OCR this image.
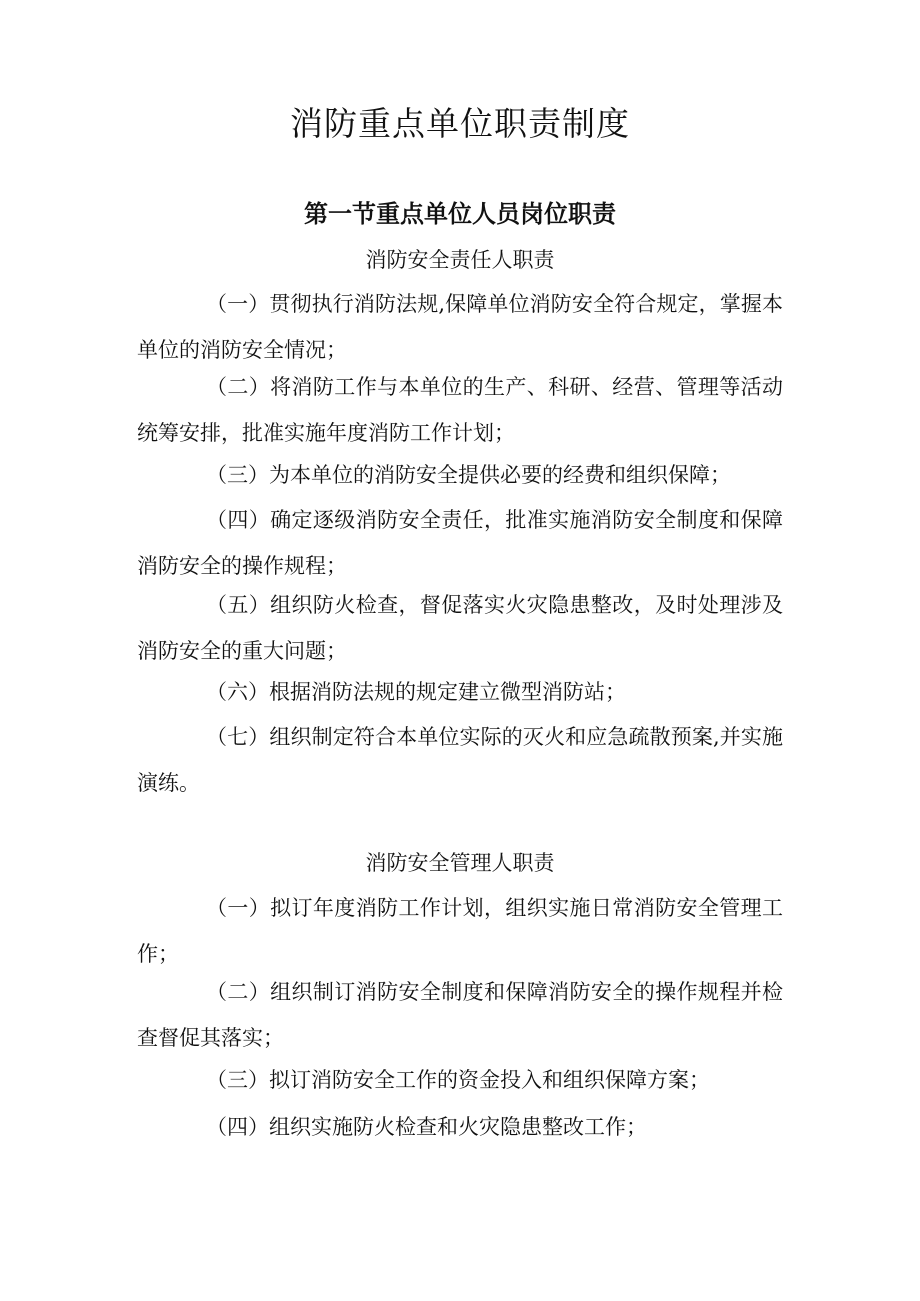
消防重点单位职责制度
第一节重点单位人员岗位职责

消防安全责任人职责

（一）贯彻执行消防法规,保障单位消防安全符合规定，掌握本单位的消防安全情况；

（二）将消防工作与本单位的生产、科研、经营、管理等活动统筹安排，批准实施年度消防工作计划；

（三）为本单位的消防安全提供必要的经费和组织保障；

（四）确定逐级消防安全责任，批准实施消防安全制度和保障消防安全的操作规程；

（五）组织防火检查，督促落实火灾隐患整改，及时处理涉及消防安全的重大问题；

（六）根据消防法规的规定建立微型消防站；

（七）组织制定符合本单位实际的灭火和应急疏散预案,并实施演练。

消防安全管理人职责

（一）拟订年度消防工作计划，组织实施日常消防安全管理工作；

（二）组织制订消防安全制度和保障消防安全的操作规程并检查督促其落实；

（三）拟订消防安全工作的资金投入和组织保障方案；

（四）组织实施防火检查和火灾隐患整改工作；
